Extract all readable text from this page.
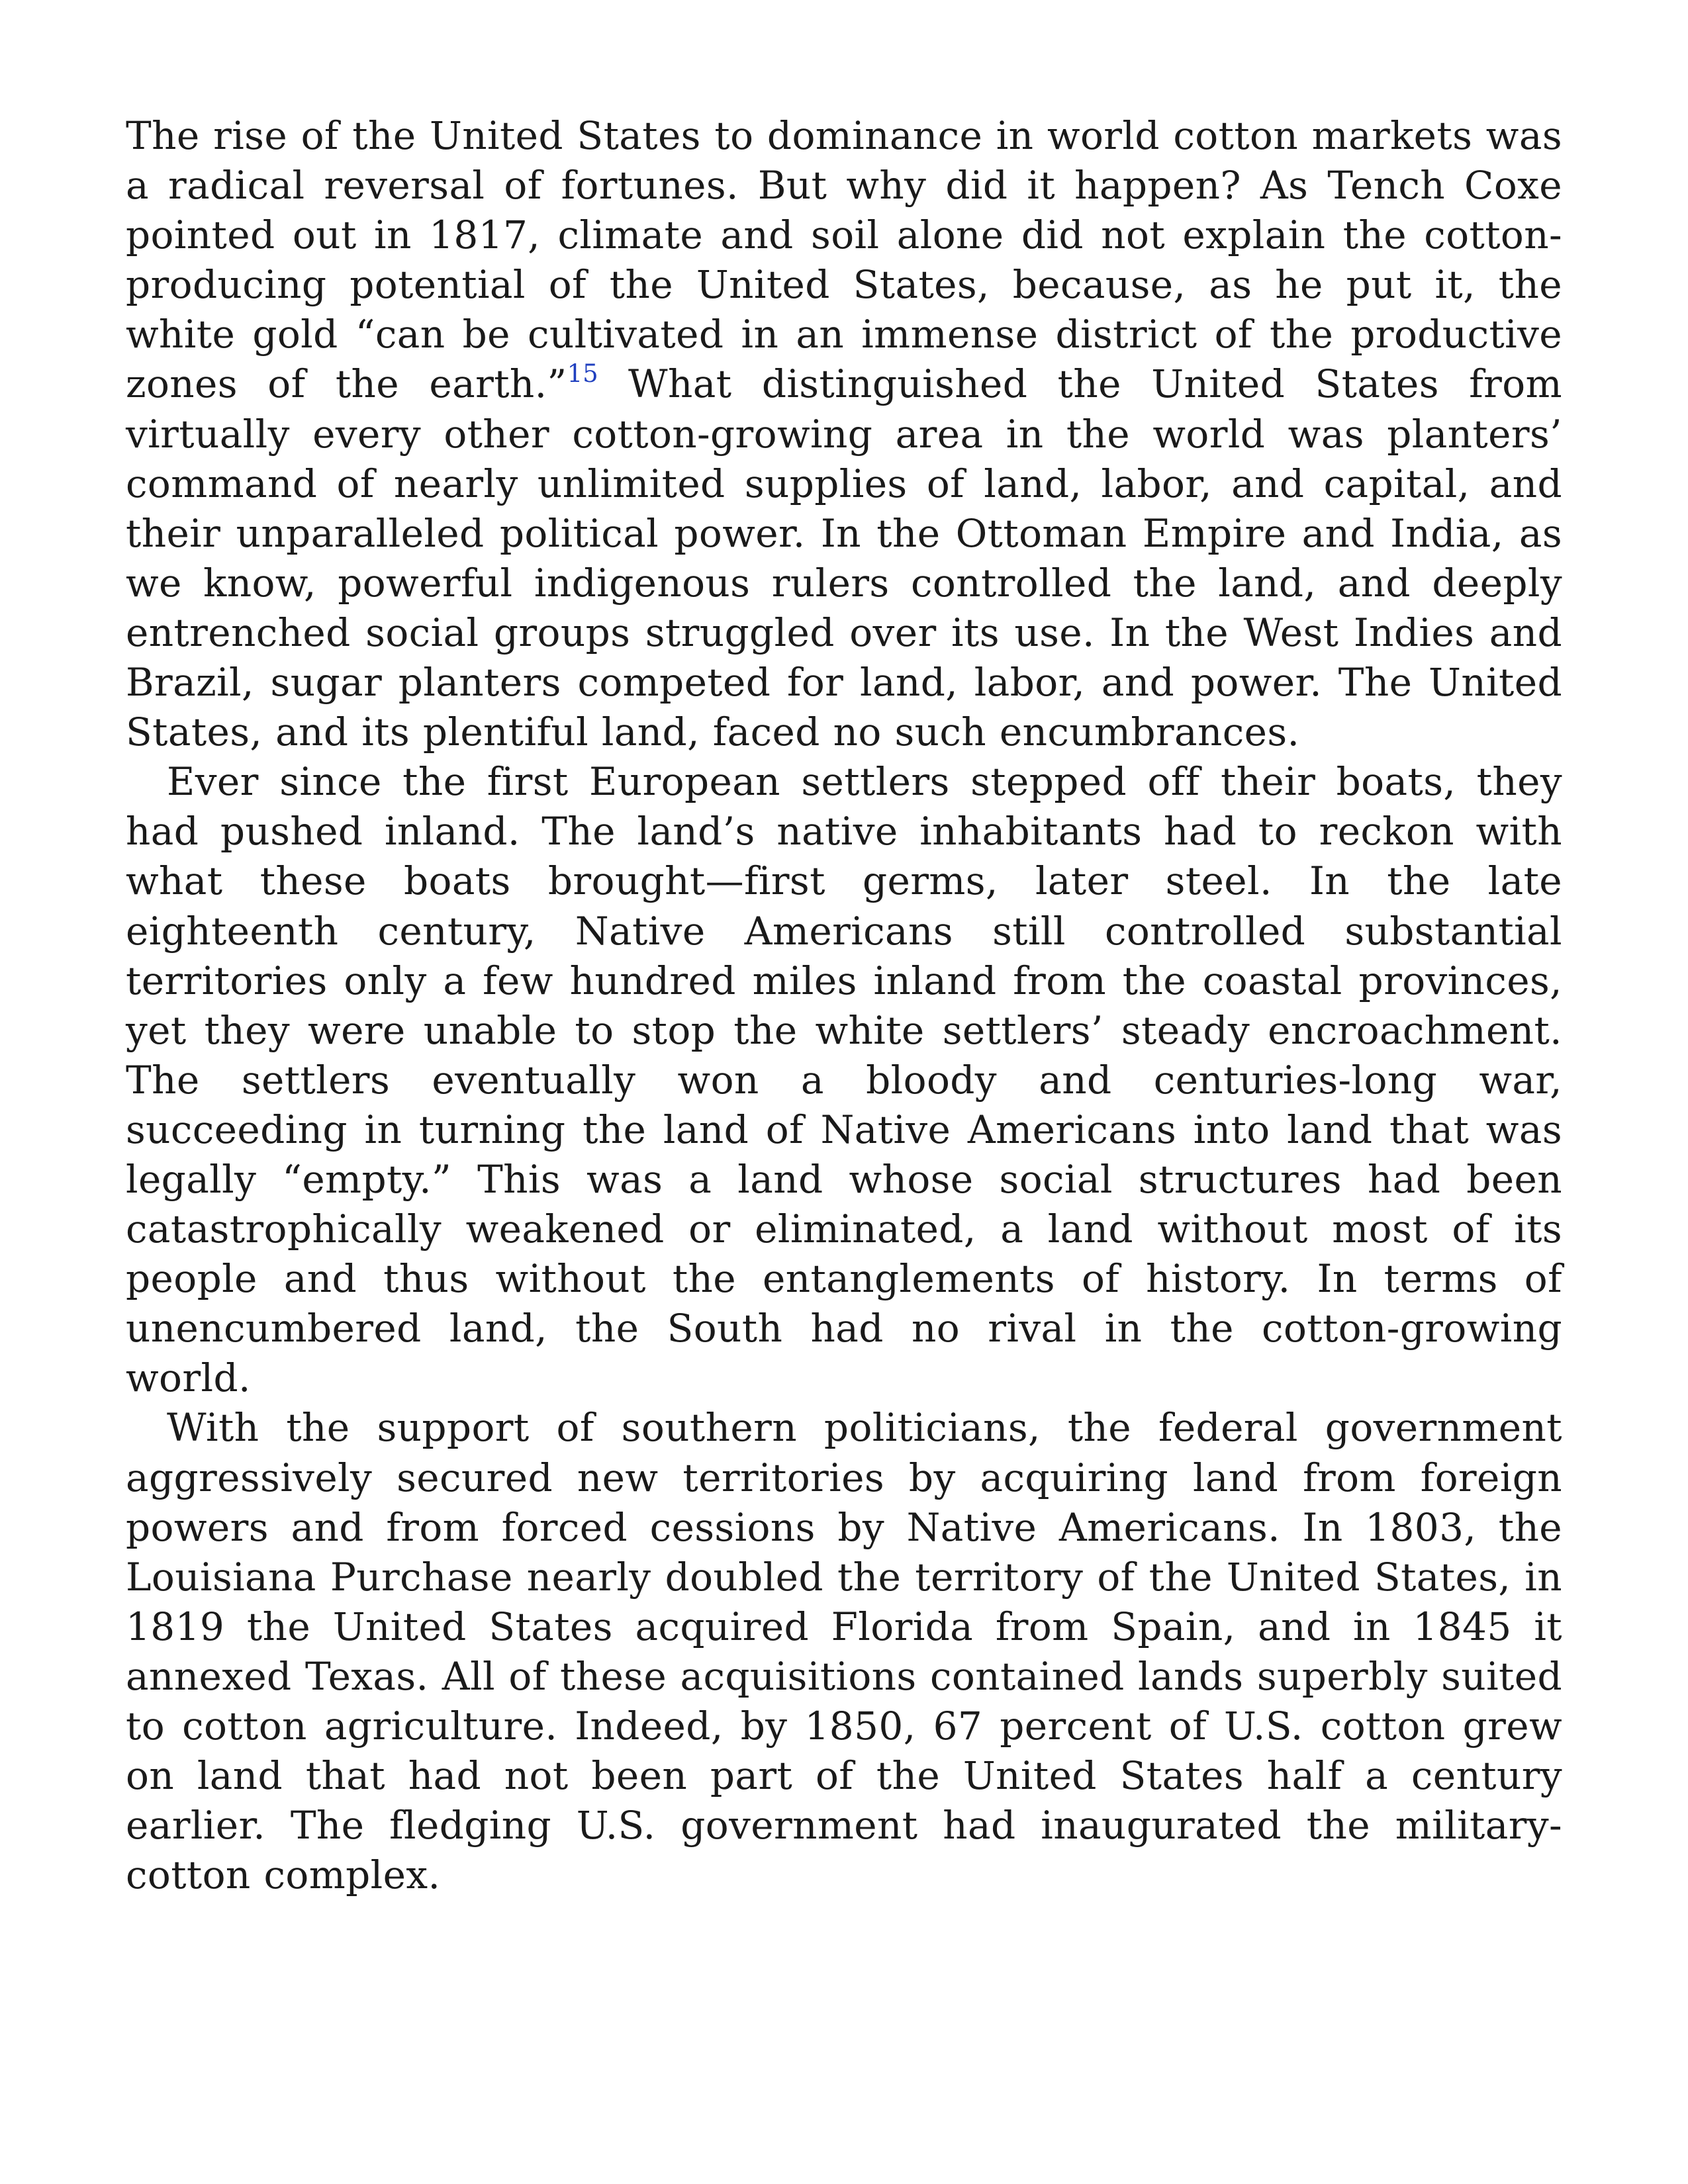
The rise of the United States to dominance in world cotton markets was a radical reversal of fortunes. But why did it happen? As Tench Coxe pointed out in 1817, climate and soil alone did not explain the cotton-producing potential of the United States, because, as he put it, the white gold “can be cultivated in an immense district of the productive zones of the earth.”$^{15}$ What distinguished the United States from virtually every other cotton-growing area in the world was planters’ command of nearly unlimited supplies of land, labor, and capital, and their unparalleled political power. In the Ottoman Empire and India, as we know, powerful indigenous rulers controlled the land, and deeply entrenched social groups struggled over its use. In the West Indies and Brazil, sugar planters competed for land, labor, and power. The United States, and its plentiful land, faced no such encumbrances.

Ever since the first European settlers stepped off their boats, they had pushed inland. The land’s native inhabitants had to reckon with what these boats brought—first germs, later steel. In the late eighteenth century, Native Americans still controlled substantial territories only a few hundred miles inland from the coastal provinces, yet they were unable to stop the white settlers’ steady encroachment. The settlers eventually won a bloody and centuries-long war, succeeding in turning the land of Native Americans into land that was legally “empty.” This was a land whose social structures had been catastrophically weakened or eliminated, a land without most of its people and thus without the entanglements of history. In terms of unencumbered land, the South had no rival in the cotton-growing world.

With the support of southern politicians, the federal government aggressively secured new territories by acquiring land from foreign powers and from forced cessions by Native Americans. In 1803, the Louisiana Purchase nearly doubled the territory of the United States, in 1819 the United States acquired Florida from Spain, and in 1845 it annexed Texas. All of these acquisitions contained lands superbly suited to cotton agriculture. Indeed, by 1850, 67 percent of U.S. cotton grew on land that had not been part of the United States half a century earlier. The fledging U.S. government had inaugurated the military-cotton complex.
